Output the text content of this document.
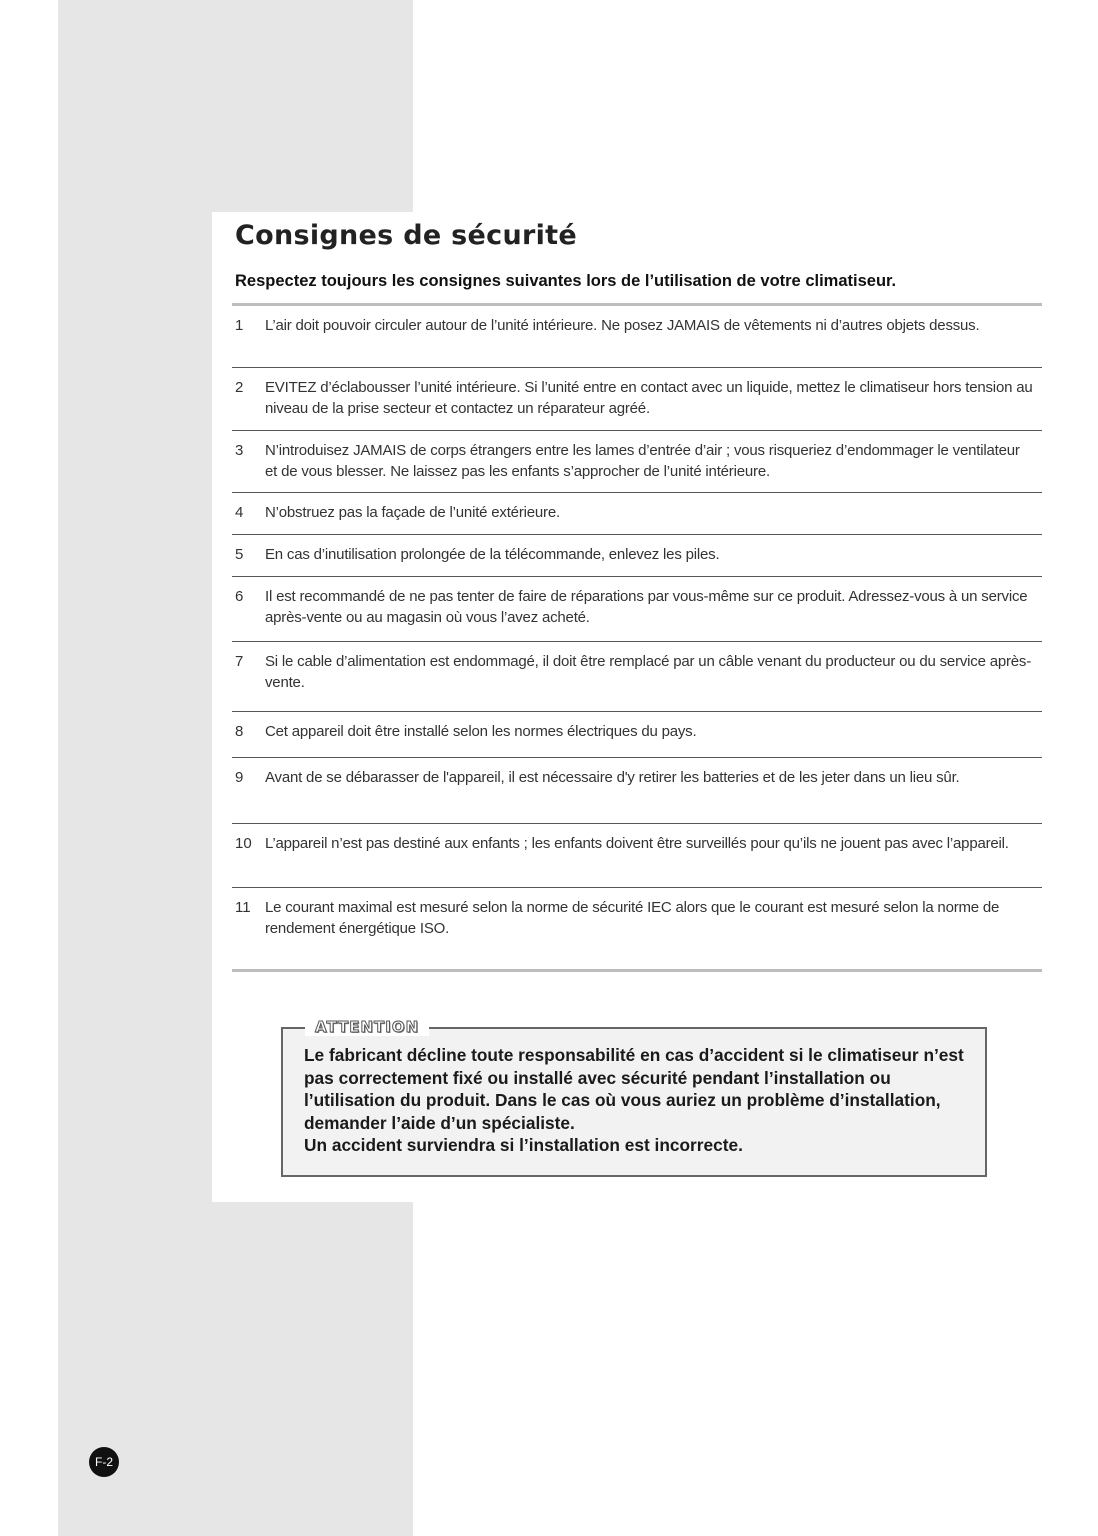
Consignes de sécurité

Respectez toujours les consignes suivantes lors de l’utilisation de votre climatiseur.

1	L’air doit pouvoir circuler autour de l’unité intérieure. Ne posez JAMAIS de vêtements ni d’autres objets dessus.
2	EVITEZ d’éclabousser l’unité intérieure. Si l’unité entre en contact avec un liquide, mettez le climatiseur hors tension au niveau de la prise secteur et contactez un réparateur agréé.
3	N’introduisez JAMAIS de corps étrangers entre les lames d’entrée d’air ; vous risqueriez d’endommager le ventilateur et de vous blesser. Ne laissez pas les enfants s’approcher de l’unité intérieure.
4	N’obstruez pas la façade de l’unité extérieure.
5	En cas d’inutilisation prolongée de la télécommande, enlevez les piles.
6	Il est recommandé de ne pas tenter de faire de réparations par vous-même sur ce produit. Adressez-vous à un service après-vente ou au magasin où vous l’avez acheté.
7	Si le cable d’alimentation est endommagé, il doit être remplacé par un câble venant du producteur ou du service après-vente.
8	Cet appareil doit être installé selon les normes électriques du pays.
9	Avant de se débarasser de l'appareil, il est nécessaire d'y retirer les batteries et de les jeter dans un lieu sûr.
10 L’appareil n’est pas destiné aux enfants ; les enfants doivent être surveillés pour qu’ils ne jouent pas avec l’appareil.
11 Le courant maximal est mesuré selon la norme de sécurité IEC alors que le courant est mesuré selon la norme de rendement énergétique ISO.
ATTENTION

Le fabricant décline toute responsabilité en cas d’accident si le climatiseur n’est pas correctement fixé ou installé avec sécurité pendant l’installation ou l’utilisation du produit. Dans le cas où vous auriez un problème d’installation, demander l’aide d’un spécialiste.
Un accident surviendra si l’installation est incorrecte.

F-2
